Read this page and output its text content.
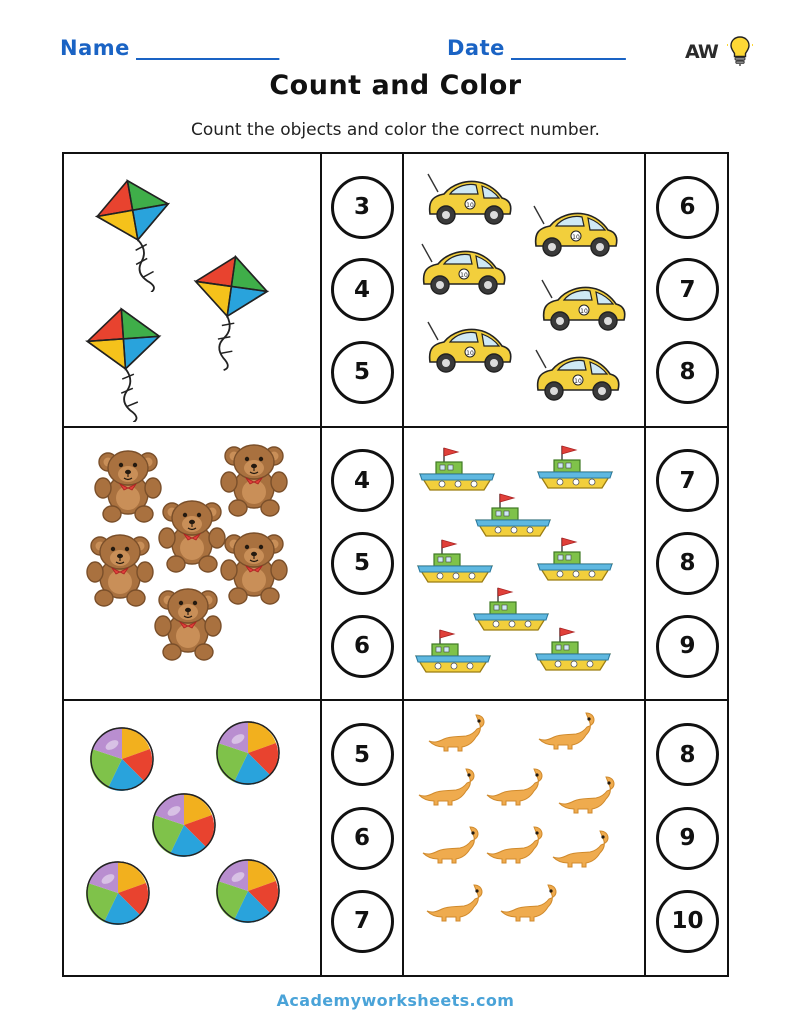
Name _______________	Date ____________	AW
Count and Color
Count the objects and color the correct number.
3
4
5
10
10
10
10
10
10
6
7
8
4
5
6
7
8
9
5
6
7
8
9
10
Academyworksheets.com
